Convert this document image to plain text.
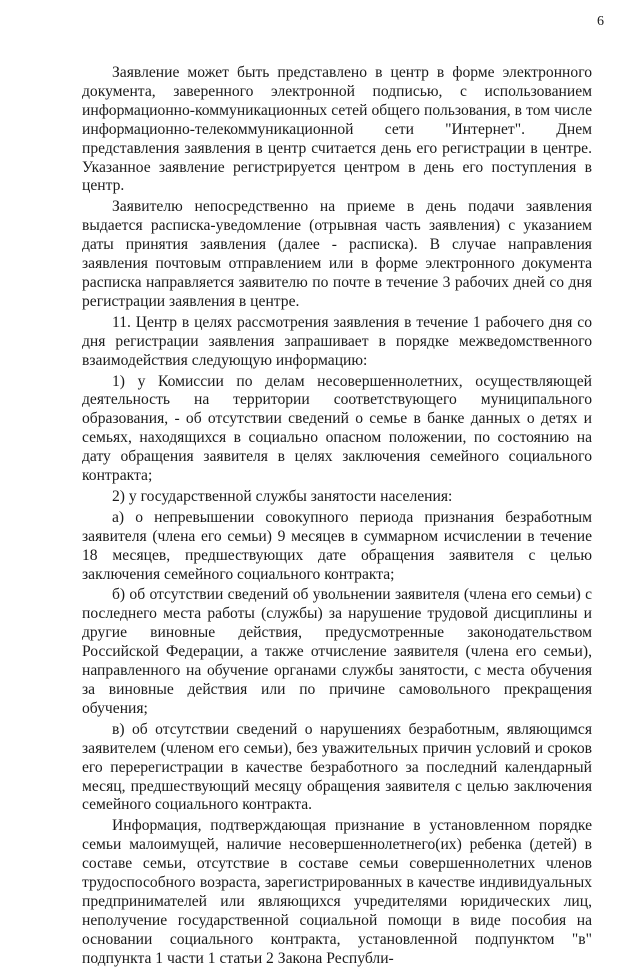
6

Заявление может быть представлено в центр в форме электронного документа, заверенного электронной подписью, с использованием информационно-коммуникационных сетей общего пользования, в том числе информационно-телекоммуникационной сети "Интернет". Днем представления заявления в центр считается день его регистрации в центре. Указанное заявление регистрируется центром в день его поступления в центр.

Заявителю непосредственно на приеме в день подачи заявления выдается расписка-уведомление (отрывная часть заявления) с указанием даты принятия заявления (далее - расписка). В случае направления заявления почтовым отправлением или в форме электронного документа расписка направляется заявителю по почте в течение 3 рабочих дней со дня регистрации заявления в центре.

11. Центр в целях рассмотрения заявления в течение 1 рабочего дня со дня регистрации заявления запрашивает в порядке межведомственного взаимодействия следующую информацию:

1) у Комиссии по делам несовершеннолетних, осуществляющей деятельность на территории соответствующего муниципального образования, - об отсутствии сведений о семье в банке данных о детях и семьях, находящихся в социально опасном положении, по состоянию на дату обращения заявителя в целях заключения семейного социального контракта;

2) у государственной службы занятости населения:

а) о непревышении совокупного периода признания безработным заявителя (члена его семьи) 9 месяцев в суммарном исчислении в течение 18 месяцев, предшествующих дате обращения заявителя с целью заключения семейного социального контракта;

б) об отсутствии сведений об увольнении заявителя (члена его семьи) с последнего места работы (службы) за нарушение трудовой дисциплины и другие виновные действия, предусмотренные законодательством Российской Федерации, а также отчисление заявителя (члена его семьи), направленного на обучение органами службы занятости, с места обучения за виновные действия или по причине самовольного прекращения обучения;

в) об отсутствии сведений о нарушениях безработным, являющимся заявителем (членом его семьи), без уважительных причин условий и сроков его перерегистрации в качестве безработного за последний календарный месяц, предшествующий месяцу обращения заявителя с целью заключения семейного социального контракта.

Информация, подтверждающая признание в установленном порядке семьи малоимущей, наличие несовершеннолетнего(их) ребенка (детей) в составе семьи, отсутствие в составе семьи совершеннолетних членов трудоспособного возраста, зарегистрированных в качестве индивидуальных предпринимателей или являющихся учредителями юридических лиц, неполучение государственной социальной помощи в виде пособия на основании социального контракта, установленной подпунктом "в" подпункта 1 части 1 статьи 2 Закона Республи-
